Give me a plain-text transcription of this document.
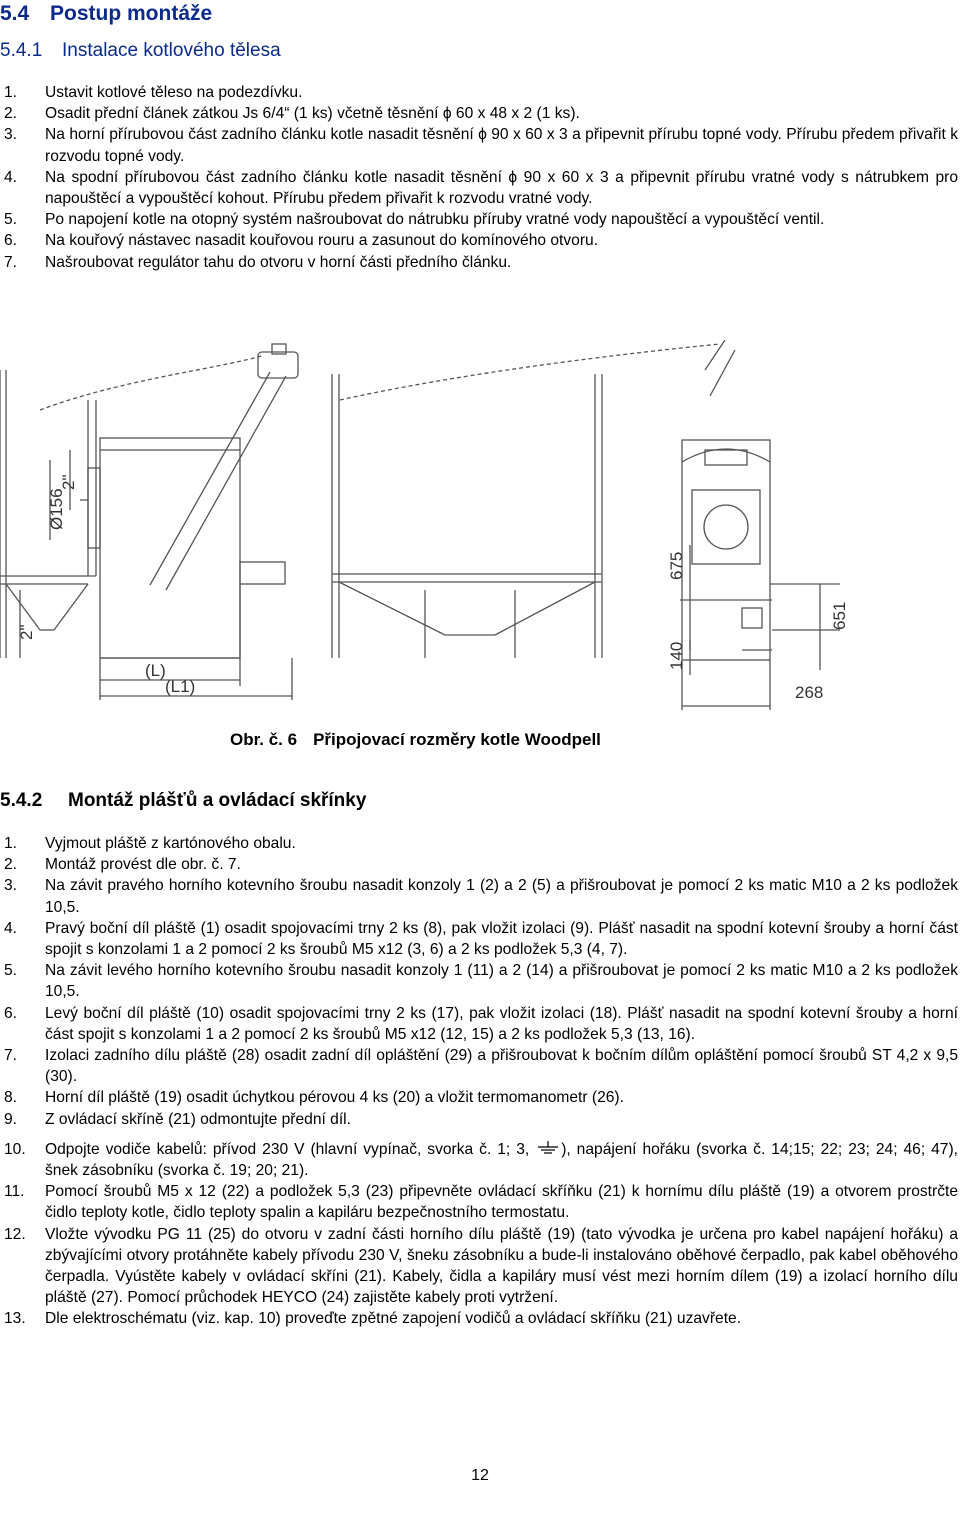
5.4 Postup montáže
5.4.1 Instalace kotlového tělesa
1. Ustavit kotlové těleso na podezdívku.
2. Osadit přední článek zátkou Js 6/4“ (1 ks) včetně těsnění ϕ 60 x 48 x 2 (1 ks).
3. Na horní přírubovou část zadního článku kotle nasadit těsnění ϕ 90 x 60 x 3 a připevnit přírubu topné vody. Přírubu předem přivařit k rozvodu topné vody.
4. Na spodní přírubovou část zadního článku kotle nasadit těsnění ϕ 90 x 60 x 3 a připevnit přírubu vratné vody s nátrubkem pro napouštěcí a vypouštěcí kohout. Přírubu předem přivařit k rozvodu vratné vody.
5. Po napojení kotle na otopný systém našroubovat do nátrubku příruby vratné vody napouštěcí a vypouštěcí ventil.
6. Na kouřový nástavec nasadit kouřovou rouru a zasunout do komínového otvoru.
7. Našroubovat regulátor tahu do otvoru v horní části předního článku.
Ø156
2"
2"
(L)
(L1)
675
651
140
268
Obr. č. 6 Připojovací rozměry kotle Woodpell
5.4.2 Montáž plášťů a ovládací skřínky
1. Vyjmout pláště z kartónového obalu.
2. Montáž provést dle obr. č. 7.
3. Na závit pravého horního kotevního šroubu nasadit konzoly 1 (2) a 2 (5) a přišroubovat je pomocí 2 ks matic M10 a 2 ks podložek 10,5.
4. Pravý boční díl pláště (1) osadit spojovacími trny 2 ks (8), pak vložit izolaci (9). Plášť nasadit na spodní kotevní šrouby a horní část spojit s konzolami 1 a 2 pomocí 2 ks šroubů M5 x12 (3, 6) a 2 ks podložek 5,3 (4, 7).
5. Na závit levého horního kotevního šroubu nasadit konzoly 1 (11) a 2 (14) a přišroubovat je pomocí 2 ks matic M10 a 2 ks podložek 10,5.
6. Levý boční díl pláště (10) osadit spojovacími trny 2 ks (17), pak vložit izolaci (18). Plášť nasadit na spodní kotevní šrouby a horní část spojit s konzolami 1 a 2 pomocí 2 ks šroubů M5 x12 (12, 15) a 2 ks podložek 5,3 (13, 16).
7. Izolaci zadního dílu pláště (28) osadit zadní díl opláštění (29) a přišroubovat k bočním dílům opláštění pomocí šroubů ST 4,2 x 9,5 (30).
8. Horní díl pláště (19) osadit úchytkou pérovou 4 ks (20) a vložit termomanometr (26).
9. Z ovládací skříně (21) odmontujte přední díl.
10. Odpojte vodiče kabelů: přívod 230 V (hlavní vypínač, svorka č. 1; 3, ), napájení hořáku (svorka č. 14;15; 22; 23; 24; 46; 47), šnek zásobníku (svorka č. 19; 20; 21).
11. Pomocí šroubů M5 x 12 (22) a podložek 5,3 (23) připevněte ovládací skříňku (21) k hornímu dílu pláště (19) a otvorem prostrčte čidlo teploty kotle, čidlo teploty spalin a kapiláru bezpečnostního termostatu.
12. Vložte vývodku PG 11 (25) do otvoru v zadní části horního dílu pláště (19) (tato vývodka je určena pro kabel napájení hořáku) a zbývajícími otvory protáhněte kabely přívodu 230 V, šneku zásobníku a bude-li instalováno oběhové čerpadlo, pak kabel oběhového čerpadla. Vyústěte kabely v ovládací skříni (21). Kabely, čidla a kapiláry musí vést mezi horním dílem (19) a izolací horního dílu pláště (27). Pomocí průchodek HEYCO (24) zajistěte kabely proti vytržení.
13. Dle elektroschématu (viz. kap. 10) proveďte zpětné zapojení vodičů a ovládací skříňku (21) uzavřete.
12
